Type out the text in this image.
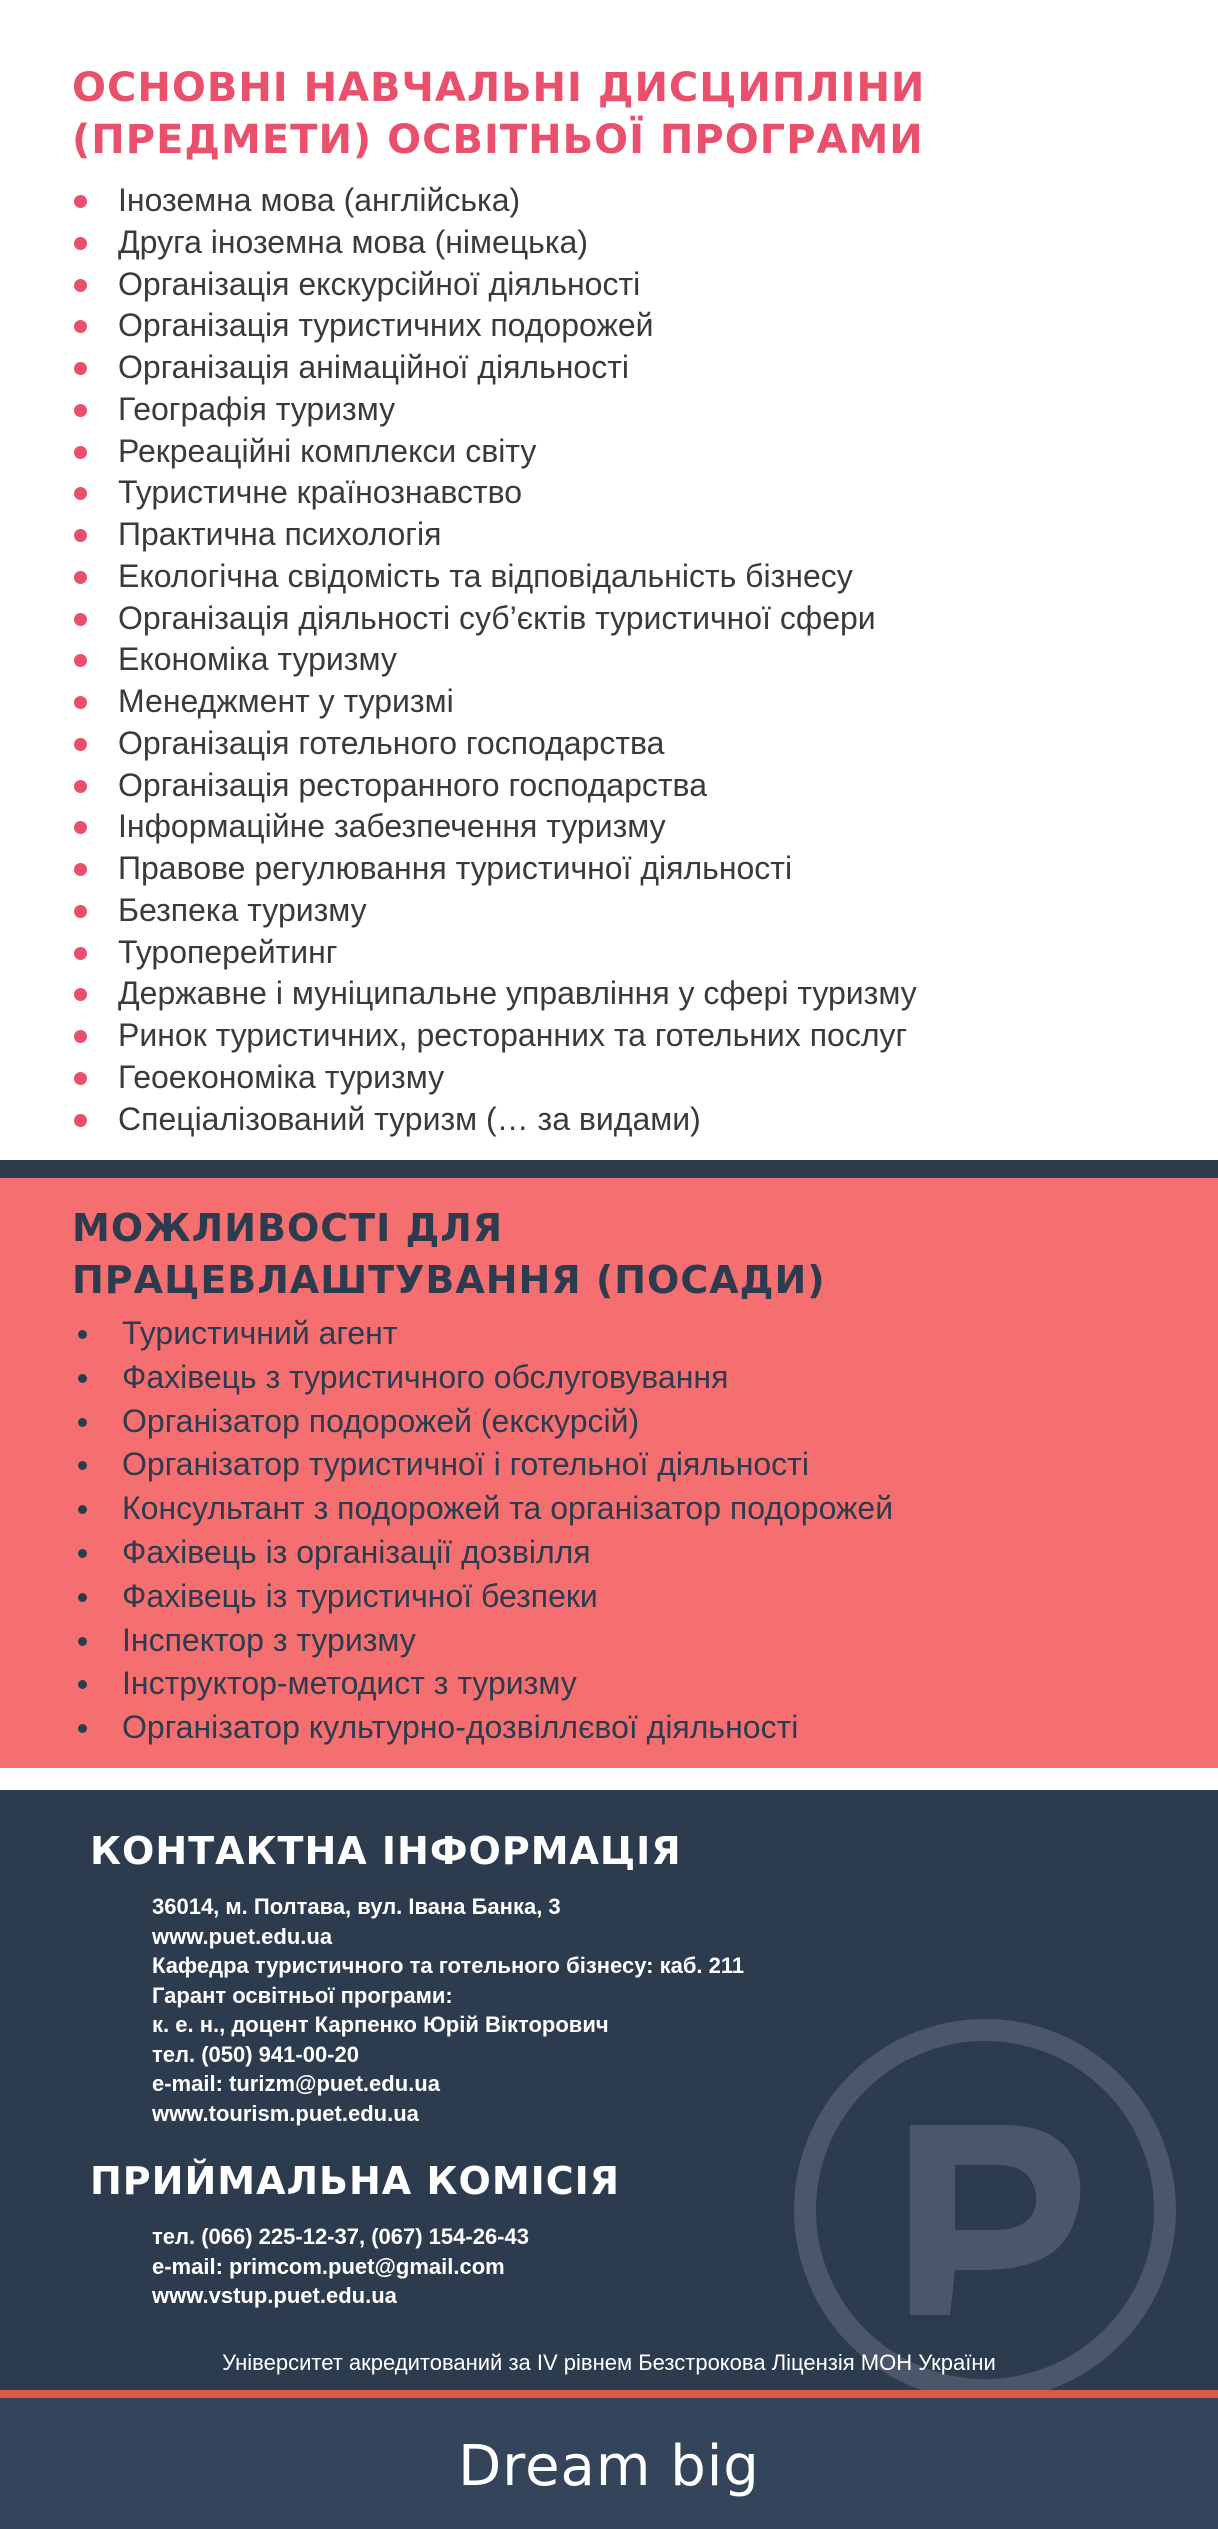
ОСНОВНІ НАВЧАЛЬНІ ДИСЦИПЛІНИ
(ПРЕДМЕТИ) ОСВІТНЬОЇ ПРОГРАМИ
Іноземна мова (англійська)
Друга іноземна мова (німецька)
Організація екскурсійної діяльності
Організація туристичних подорожей
Організація анімаційної діяльності
Географія туризму
Рекреаційні комплекси світу
Туристичне країнознавство
Практична психологія
Екологічна свідомість та відповідальність бізнесу
Організація діяльності суб’єктів туристичної сфери
Економіка туризму
Менеджмент у туризмі
Організація готельного господарства
Організація ресторанного господарства
Інформаційне забезпечення туризму
Правове регулювання туристичної діяльності
Безпека туризму
Туроперейтинг
Державне і муніципальне управління у сфері туризму
Ринок туристичних, ресторанних та готельних послуг
Геоекономіка туризму
Спеціалізований туризм (… за видами)
МОЖЛИВОСТІ ДЛЯ
ПРАЦЕВЛАШТУВАННЯ (ПОСАДИ)
Туристичний агент
Фахівець з туристичного обслуговування
Організатор подорожей (екскурсій)
Організатор туристичної і готельної діяльності
Консультант з подорожей та організатор подорожей
Фахівець із організації дозвілля
Фахівець із туристичної безпеки
Інспектор з туризму
Інструктор-методист з туризму
Організатор культурно-дозвіллєвої діяльності
КОНТАКТНА ІНФОРМАЦІЯ
36014, м. Полтава, вул. Івана Банка, 3
www.puet.edu.ua
Кафедра туристичного та готельного бізнесу: каб. 211
Гарант освітньої програми:
к. е. н., доцент Карпенко Юрій Вікторович
тел. (050) 941-00-20
e-mail: turizm@puet.edu.ua
www.tourism.puet.edu.ua
ПРИЙМАЛЬНА КОМІСІЯ
тел. (066) 225-12-37, (067) 154-26-43
e-mail: primcom.puet@gmail.com
www.vstup.puet.edu.ua
Університет акредитований за IV рівнем Безстрокова Ліцензія МОН України
Dream big
